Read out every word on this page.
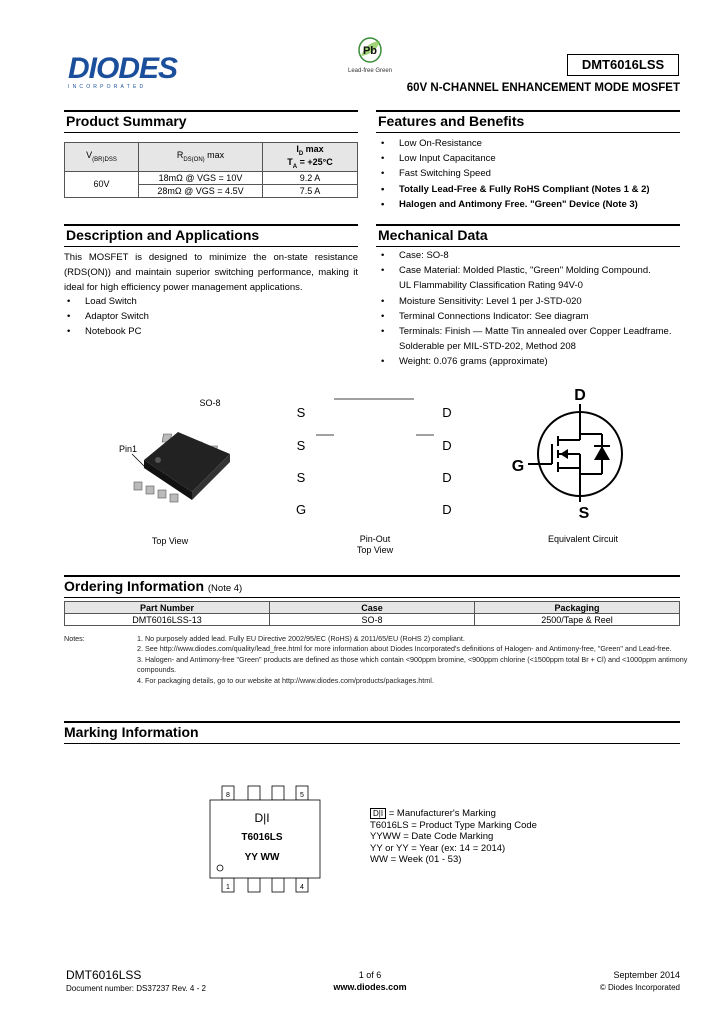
DIODES
INCORPORATED
Pb
Lead-free Green	DMT6016LSS
60V N-CHANNEL ENHANCEMENT MODE MOSFET
Product Summary
$V_{(BR)DSS}$	$R_{DS(ON)}$ max	$I_D$ max
$T_A = +25^\circ C$
60V	18mΩ @ VGS = 10V	9.2 A
	28mΩ @ VGS = 4.5V	7.5 A
Features and Benefits
• Low On-Resistance
• Low Input Capacitance
• Fast Switching Speed
• Totally Lead-Free & Fully RoHS Compliant (Notes 1 & 2)
• Halogen and Antimony Free. "Green" Device (Note 3)
Description and Applications
This MOSFET is designed to minimize the on-state resistance (RDS(ON)) and maintain superior switching performance, making it ideal for high efficiency power management applications.
• Load Switch
• Adaptor Switch
• Notebook PC
Mechanical Data
• Case: SO-8
• Case Material: Molded Plastic, "Green" Molding Compound.
UL Flammability Classification Rating 94V-0
• Moisture Sensitivity: Level 1 per J-STD-020
• Terminal Connections Indicator: See diagram
• Terminals: Finish — Matte Tin annealed over Copper Leadframe.
Solderable per MIL-STD-202, Method 208
• Weight: 0.076 grams (approximate)
SO-8
Pin1
Top View
S
S
S
G
D
D
D
D
Pin-Out
Top View
D
G
S
Equivalent Circuit
Ordering Information (Note 4)
Part Number	Case	Packaging
DMT6016LSS-13	SO-8	2500/Tape & Reel
Notes:	1. No purposely added lead. Fully EU Directive 2002/95/EC (RoHS) & 2011/65/EU (RoHS 2) compliant.
2. See http://www.diodes.com/quality/lead_free.html for more information about Diodes Incorporated's definitions of Halogen- and Antimony-free, "Green" and Lead-free.
3. Halogen- and Antimony-free "Green" products are defined as those which contain <900ppm bromine, <900ppm chlorine (<1500ppm total Br + Cl) and <1000ppm antimony compounds.
4. For packaging details, go to our website at http://www.diodes.com/products/packages.html.
Marking Information
8	5
1	4
D|I
T6016LS
YY WW
D|I = Manufacturer's Marking
T6016LS = Product Type Marking Code
YYWW = Date Code Marking
YY or YY = Year (ex: 14 = 2014)
WW = Week (01 - 53)
DMT6016LSS
Document number: DS37237 Rev. 4 - 2
1 of 6
www.diodes.com
September 2014
© Diodes Incorporated
